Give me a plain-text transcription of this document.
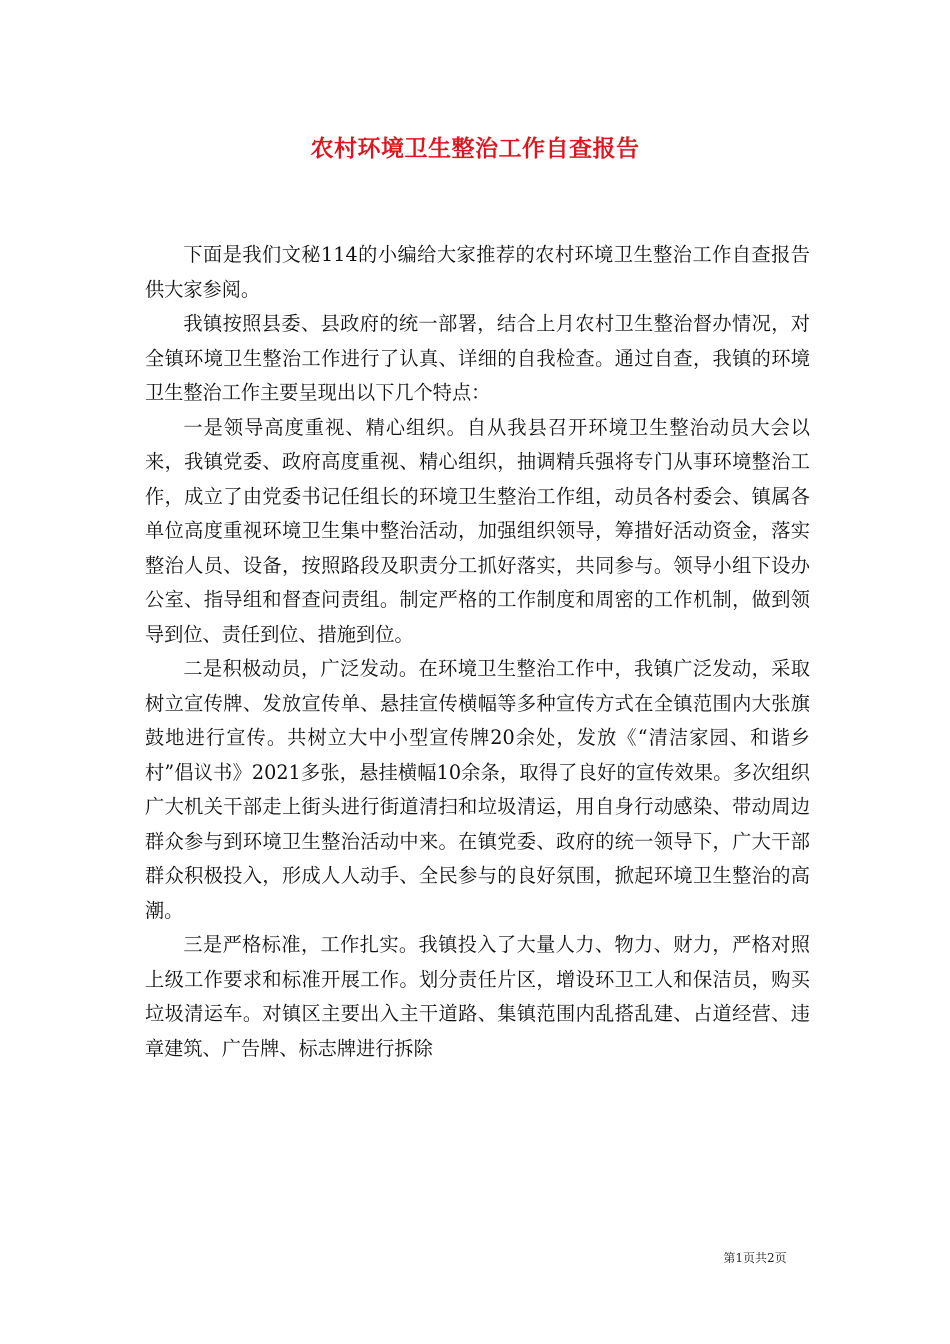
农村环境卫生整治工作自查报告

下面是我们文秘114的小编给大家推荐的农村环境卫生整治工作自查报告供大家参阅。

我镇按照县委、县政府的统一部署，结合上月农村卫生整治督办情况，对全镇环境卫生整治工作进行了认真、详细的自我检查。通过自查，我镇的环境卫生整治工作主要呈现出以下几个特点：

一是领导高度重视、精心组织。自从我县召开环境卫生整治动员大会以来，我镇党委、政府高度重视、精心组织，抽调精兵强将专门从事环境整治工作，成立了由党委书记任组长的环境卫生整治工作组，动员各村委会、镇属各单位高度重视环境卫生集中整治活动，加强组织领导，筹措好活动资金，落实整治人员、设备，按照路段及职责分工抓好落实，共同参与。领导小组下设办公室、指导组和督查问责组。制定严格的工作制度和周密的工作机制，做到领导到位、责任到位、措施到位。

二是积极动员，广泛发动。在环境卫生整治工作中，我镇广泛发动，采取树立宣传牌、发放宣传单、悬挂宣传横幅等多种宣传方式在全镇范围内大张旗鼓地进行宣传。共树立大中小型宣传牌20余处，发放《“清洁家园、和谐乡村”倡议书》2021多张，悬挂横幅10余条，取得了良好的宣传效果。多次组织广大机关干部走上街头进行街道清扫和垃圾清运，用自身行动感染、带动周边群众参与到环境卫生整治活动中来。在镇党委、政府的统一领导下，广大干部群众积极投入，形成人人动手、全民参与的良好氛围，掀起环境卫生整治的高潮。

三是严格标准，工作扎实。我镇投入了大量人力、物力、财力，严格对照上级工作要求和标准开展工作。划分责任片区，增设环卫工人和保洁员，购买垃圾清运车。对镇区主要出入主干道路、集镇范围内乱搭乱建、占道经营、违章建筑、广告牌、标志牌进行拆除

第1页共2页
